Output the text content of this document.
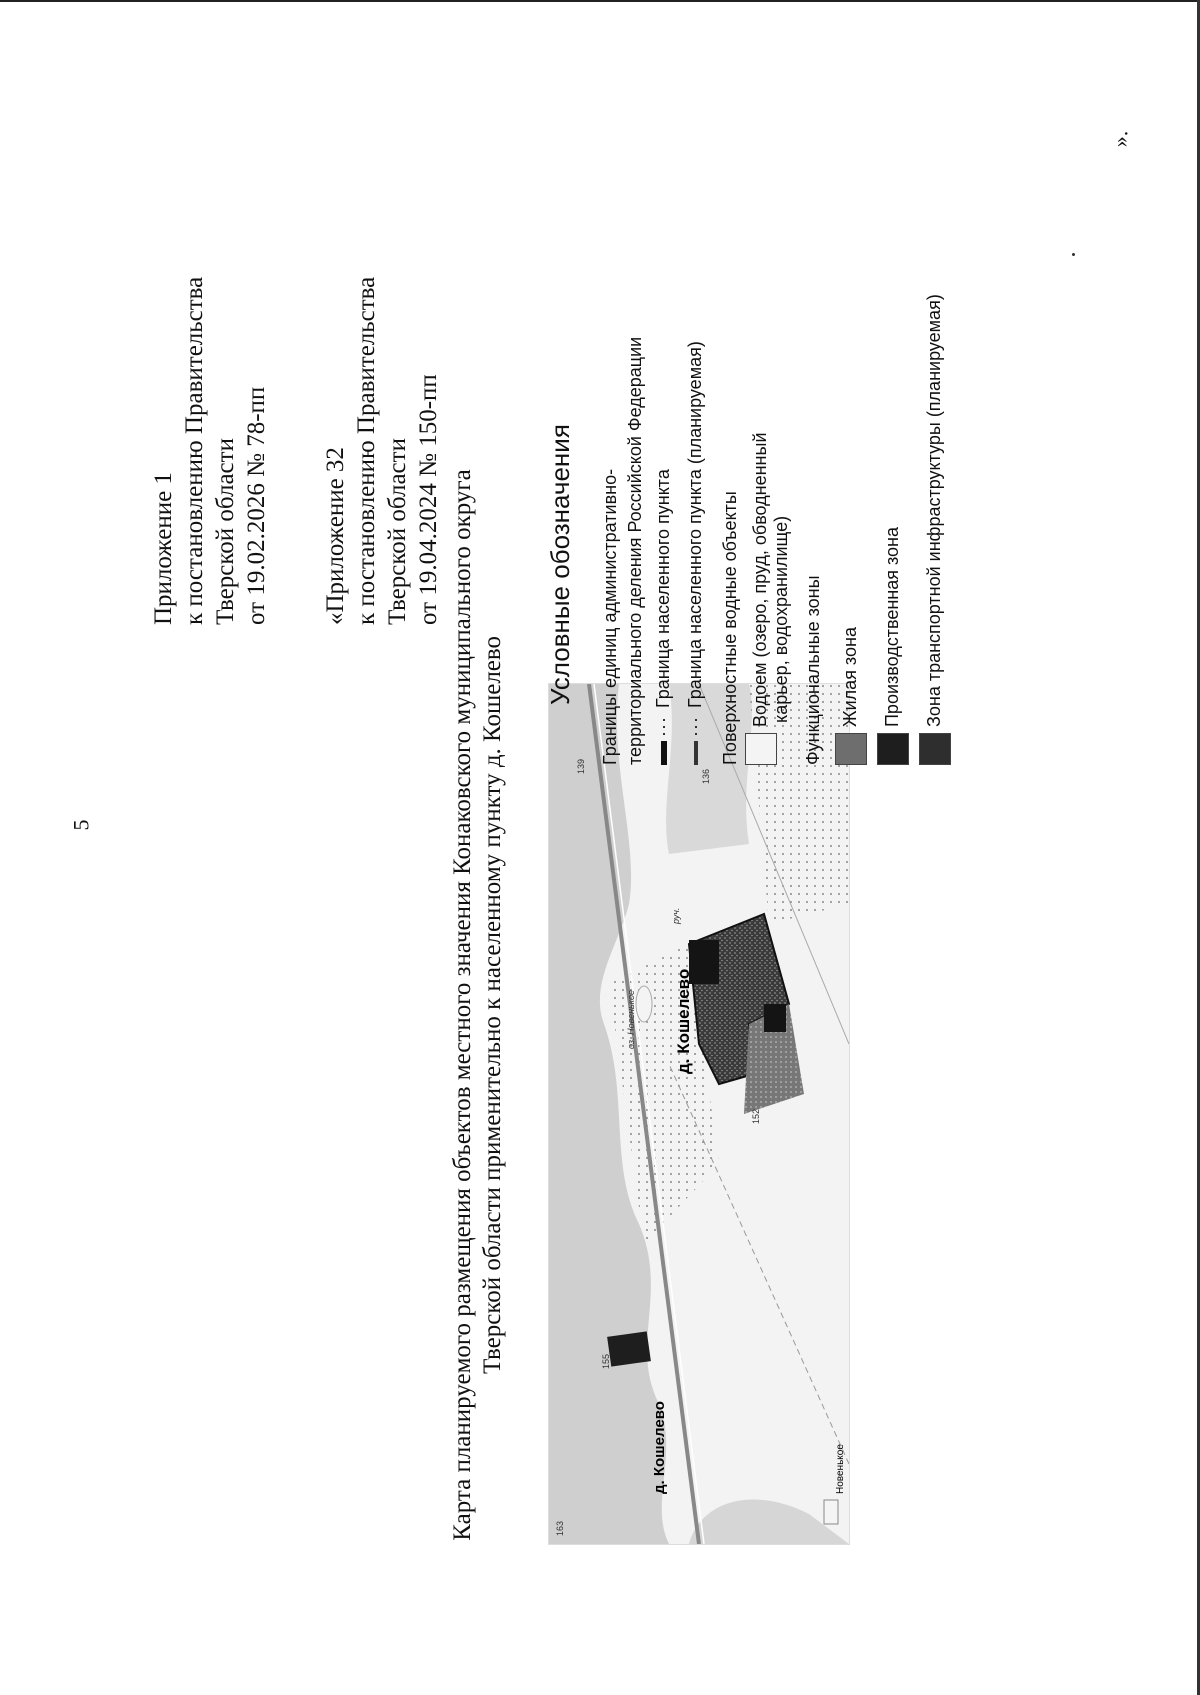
5
».
Приложение 1 к постановлению Правительства Тверской области от 19.02.2026 № 78-пп «Приложение 32 к постановлению Правительства Тверской области от 19.04.2024 № 150-пп Карта планируемого размещения объектов местного значения Конаковского муниципального округа Тверской области применительно к населенному пункту д. Кошелево
д. Кошелево
д. Кошелево
Новенькое
оз. Новенькое
163
155
152
136
139
руч.
Условные обозначения Границы единиц административно- территориального деления Российской Федерации ···Граница населенного пункта
···Граница населенного пункта (планируемая) Поверхностные водные объекты Водоем (озеро, пруд, обводненный карьер, водохранилище) Функциональные зоны Жилая зона	Производственная зона	Зона транспортной инфраструктуры (планируемая)
